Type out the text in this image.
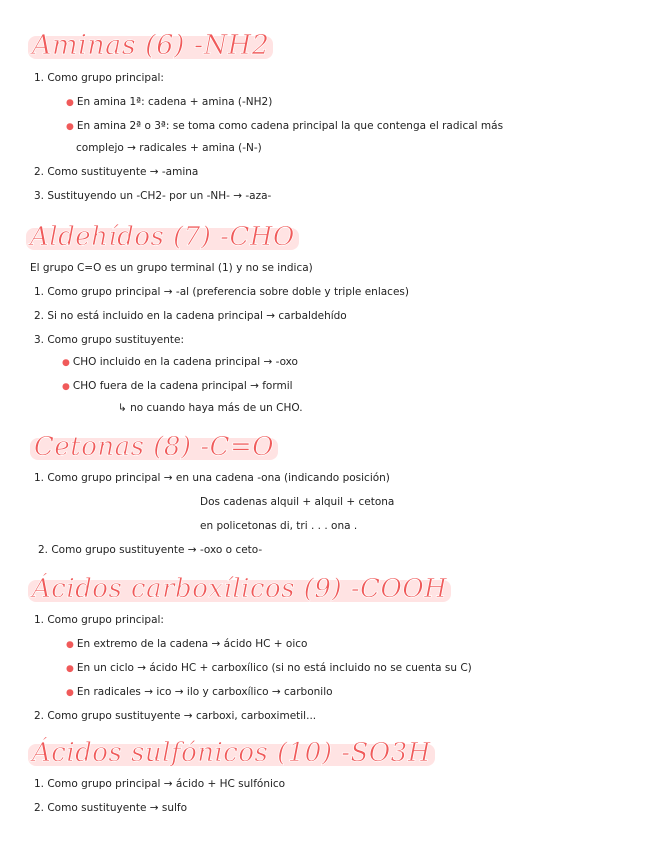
Aminas (6) -NH2
1. Como grupo principal:
● En amina 1ª: cadena + amina (-NH2)
● En amina 2ª o 3ª: se toma como cadena principal la que contenga el radical más
complejo → radicales + amina (-N-)
2. Como sustituyente → -amina
3. Sustituyendo un -CH2- por un -NH- → -aza-
Aldehídos (7) -CHO
El grupo C=O es un grupo terminal (1) y no se indica)
1. Como grupo principal → -al (preferencia sobre doble y triple enlaces)
2. Si no está incluido en la cadena principal → carbaldehído
3. Como grupo sustituyente:
● CHO incluido en la cadena principal → -oxo
● CHO fuera de la cadena principal → formil
↳ no cuando haya más de un CHO.
Cetonas (8) -C=O
1. Como grupo principal → en una cadena -ona (indicando posición)
Dos cadenas alquil + alquil + cetona
en policetonas di, tri . . . ona .
2. Como grupo sustituyente → -oxo o ceto-
Ácidos carboxílicos (9) -COOH
1. Como grupo principal:
● En extremo de la cadena → ácido HC + oico
● En un ciclo → ácido HC + carboxílico (si no está incluido no se cuenta su C)
● En radicales → ico → ilo y carboxílico → carbonilo
2. Como grupo sustituyente → carboxi, carboximetil...
Ácidos sulfónicos (10) -SO3H
1. Como grupo principal → ácido + HC sulfónico
2. Como sustituyente → sulfo
